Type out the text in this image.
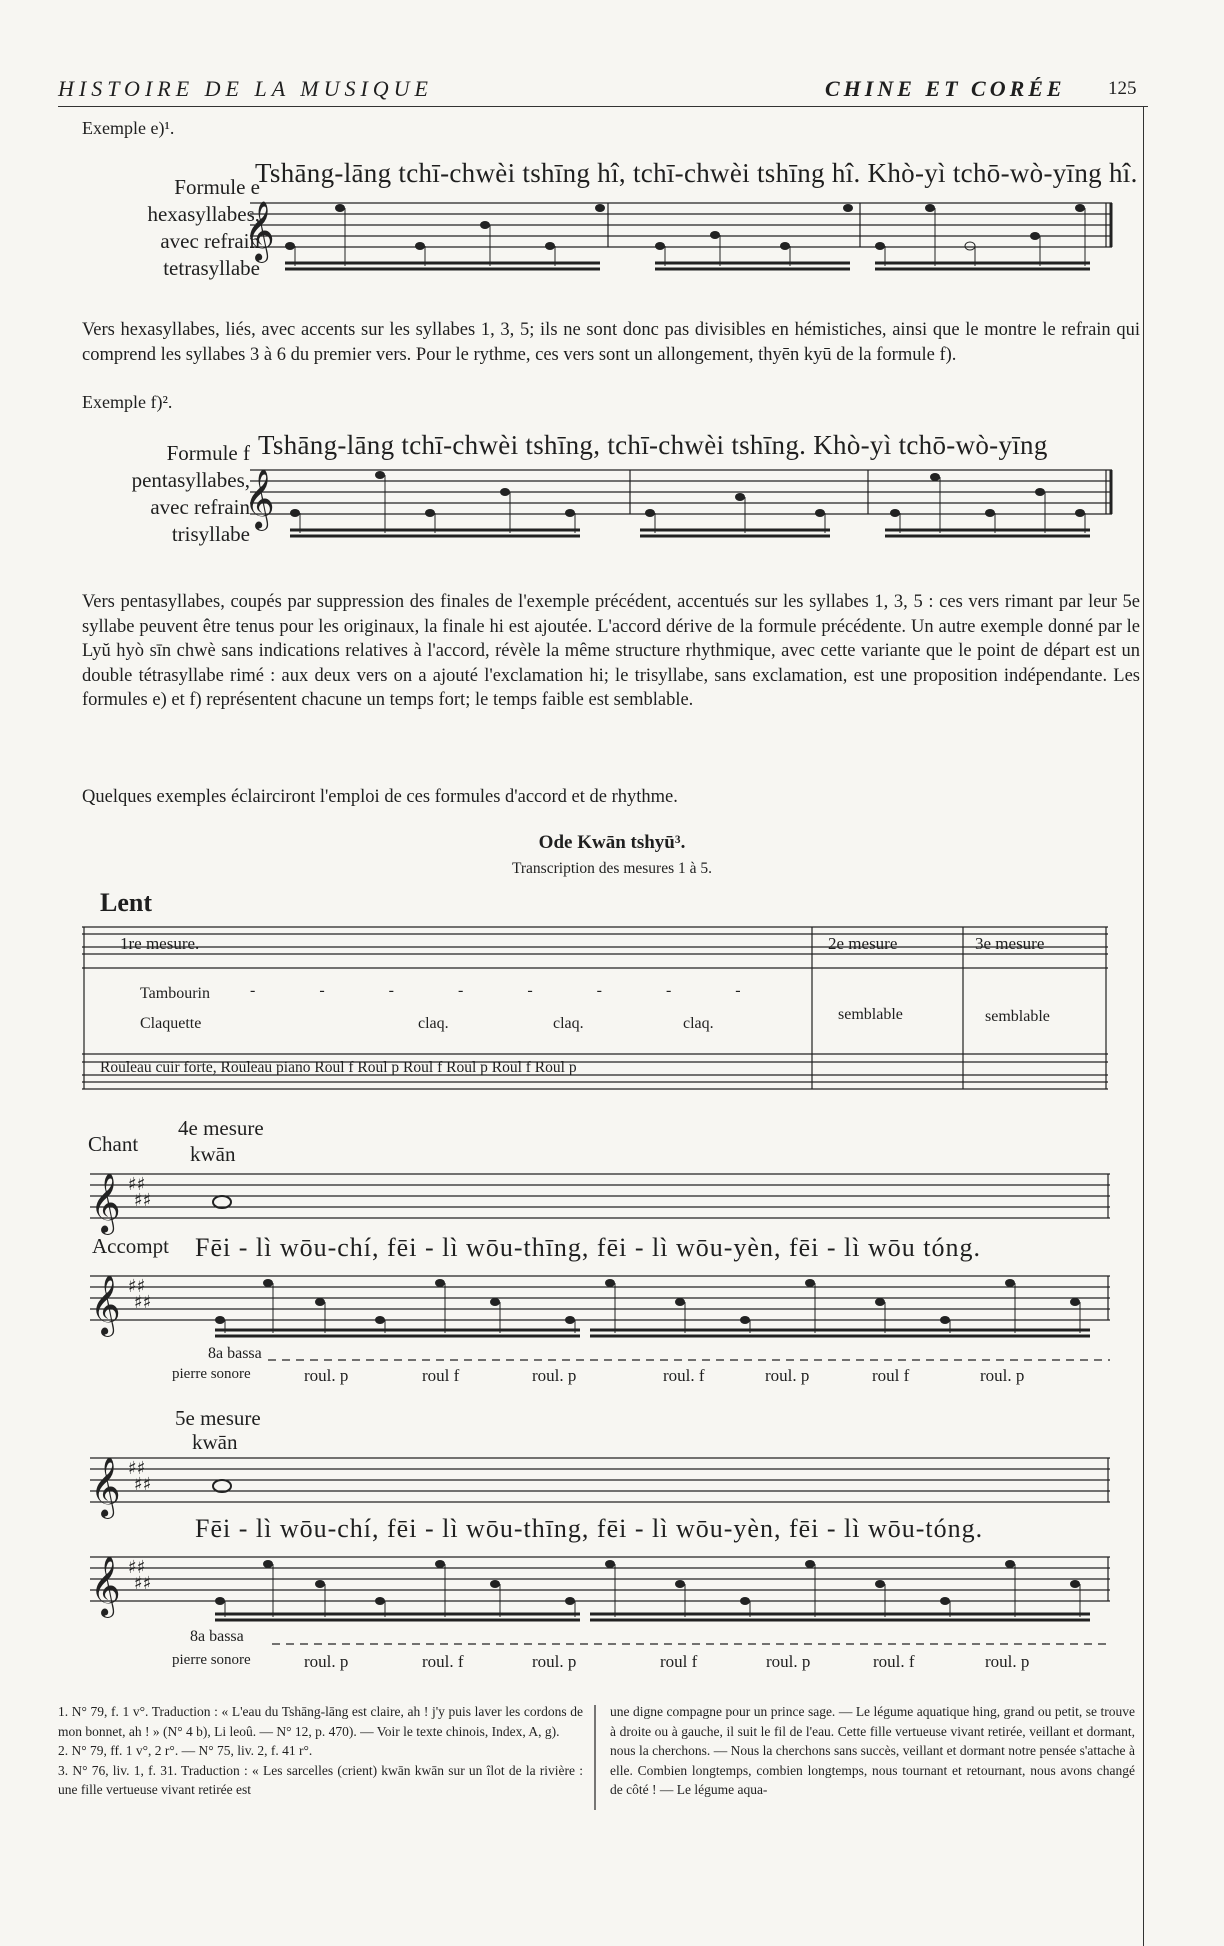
HISTOIRE DE LA MUSIQUE	CHINE ET CORÉE 125
Exemple e)¹.
Formule e
hexasyllabes,
avec refrain
tetrasyllabe
Tshāng-lāng tchī-chwèi tshīng hî, tchī-chwèi tshīng hî. Khò-yì tchō-wò-yīng hî.
𝄞
𝄞
𝄞
𝄞
𝄞
𝄞
♯♯
♯♯
♯♯
♯♯
♯♯
♯♯
♯♯
♯♯
Vers hexasyllabes, liés, avec accents sur les syllabes 1, 3, 5; ils ne sont donc pas divisibles en hémistiches, ainsi que le montre le refrain qui comprend les syllabes 3 à 6 du premier vers. Pour le rythme, ces vers sont un allongement, thyēn kyū de la formule f).
Exemple f)².
Formule f
pentasyllabes,
avec refrain
trisyllabe
Tshāng-lāng tchī-chwèi tshīng, tchī-chwèi tshīng. Khò-yì tchō-wò-yīng
Vers pentasyllabes, coupés par suppression des finales de l'exemple précédent, accentués sur les syllabes 1, 3, 5 : ces vers rimant par leur 5e syllabe peuvent être tenus pour les originaux, la finale hi est ajoutée. L'accord dérive de la formule précédente. Un autre exemple donné par le Lyŭ hyò sīn chwè sans indications relatives à l'accord, révèle la même structure rhythmique, avec cette variante que le point de départ est un double tétrasyllabe rimé : aux deux vers on a ajouté l'exclamation hi; le trisyllabe, sans exclamation, est une proposition indépendante. Les formules e) et f) représentent chacune un temps fort; le temps faible est semblable.
Quelques exemples éclairciront l'emploi de ces formules d'accord et de rhythme.
Ode Kwān tshyū³.
Transcription des mesures 1 à 5.
Lent
1re mesure.	2e mesure	3e mesure
Tambourin	- - - - - - - -
Claquette	claq.	claq.	claq.
semblable	semblable
Rouleau cuir forte, Rouleau piano Roul f Roul p Roul f Roul p Roul f Roul p
4e mesure
Chant kwān
Accompt Fēi - lì wōu-chí, fēi - lì wōu-thīng, fēi - lì wōu-yèn, fēi - lì wōu tóng.
8a bassa
pierre sonore	roul. p	roul f	roul. p	roul. f	roul. p	roul f	roul. p
5e mesure
kwān
Fēi - lì wōu-chí, fēi - lì wōu-thīng, fēi - lì wōu-yèn, fēi - lì wōu-tóng.
8a bassa
pierre sonore	roul. p	roul. f	roul. p	roul f	roul. p	roul. f	roul. p
1. N° 79, f. 1 v°. Traduction : « L'eau du Tshāng-lāng est claire, ah ! j'y puis laver les cordons de mon bonnet, ah ! » (N° 4 b), Li leoû. — N° 12, p. 470). — Voir le texte chinois, Index, A, g).
2. N° 79, ff. 1 v°, 2 r°. — N° 75, liv. 2, f. 41 r°.
3. N° 76, liv. 1, f. 31. Traduction : « Les sarcelles (crient) kwān kwān sur un îlot de la rivière : une fille vertueuse vivant retirée est
une digne compagne pour un prince sage. — Le légume aquatique hing, grand ou petit, se trouve à droite ou à gauche, il suit le fil de l'eau. Cette fille vertueuse vivant retirée, veillant et dormant, nous la cherchons. — Nous la cherchons sans succès, veillant et dormant notre pensée s'attache à elle. Combien longtemps, combien longtemps, nous tournant et retournant, nous avons changé de côté ! — Le légume aqua-
